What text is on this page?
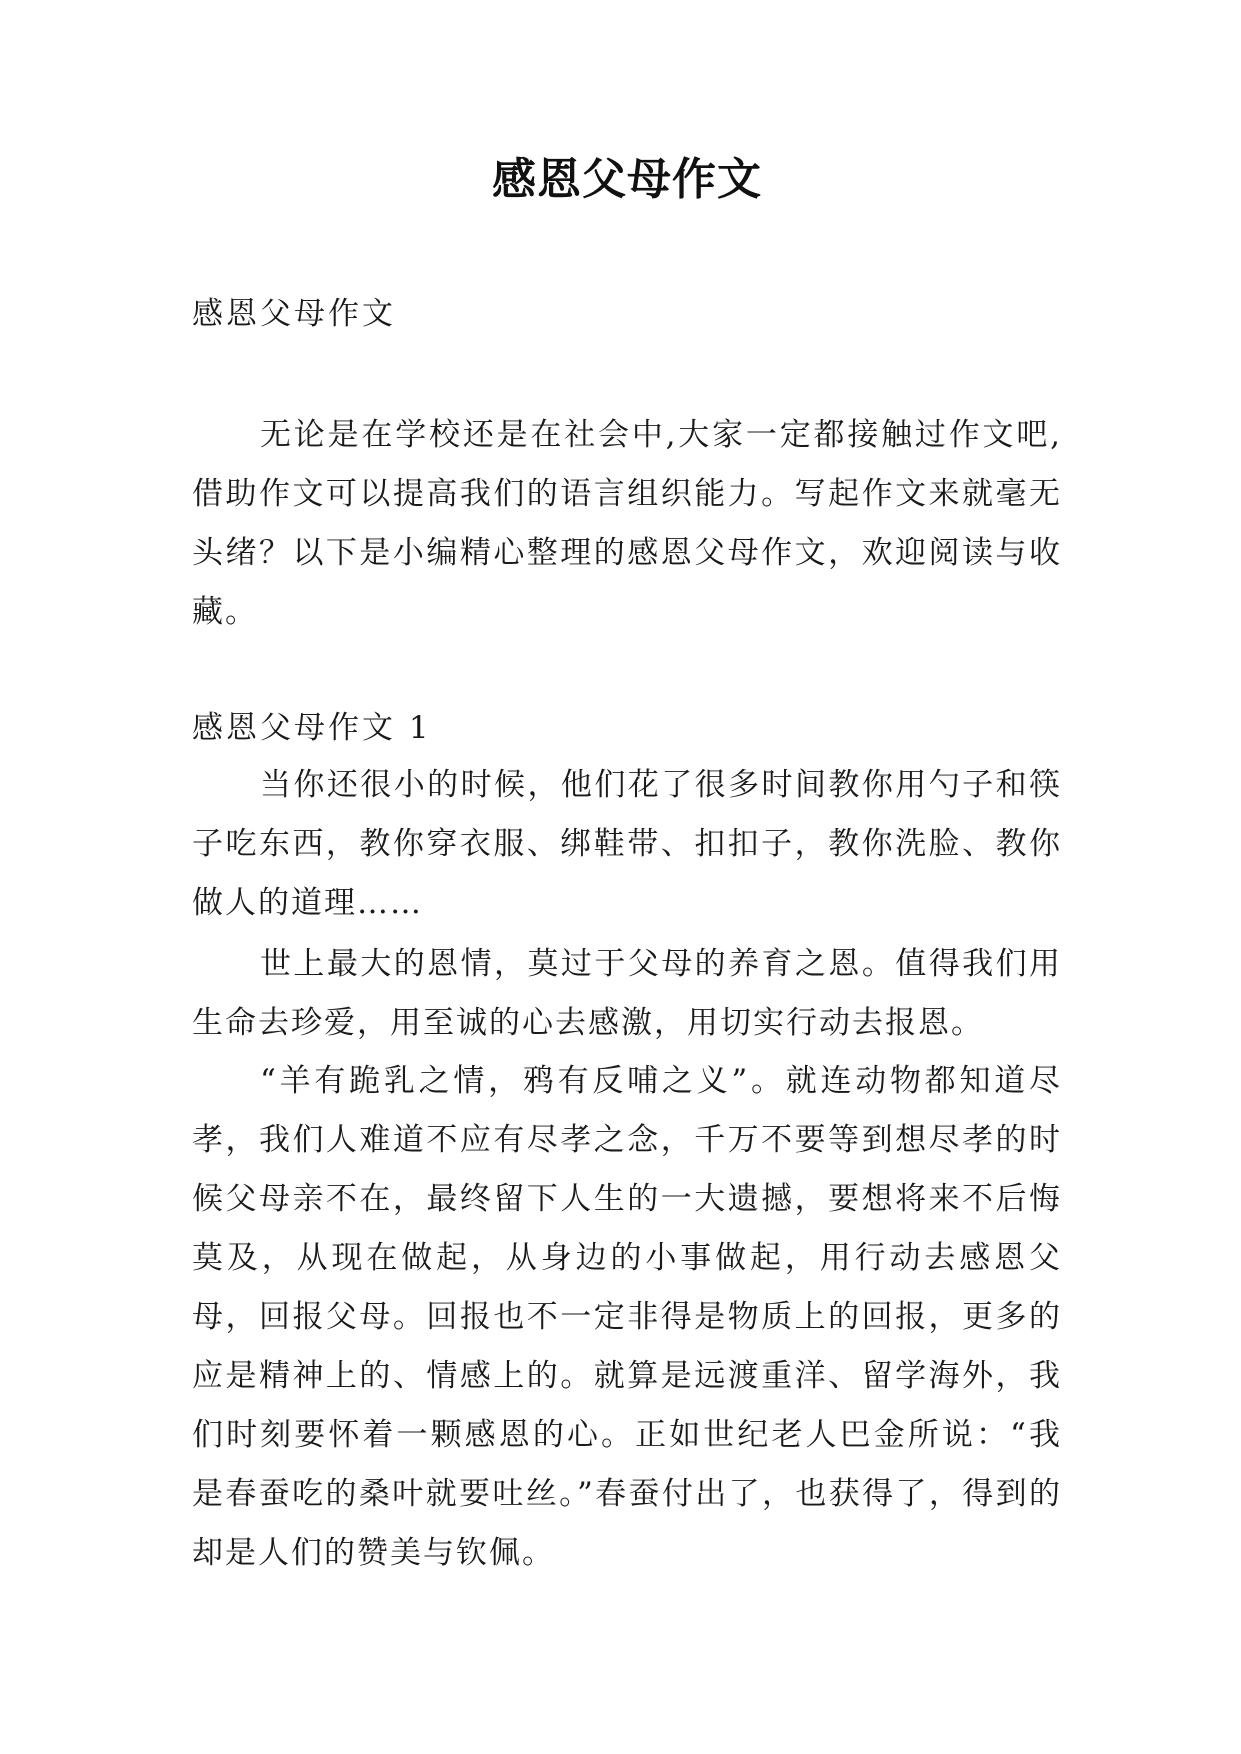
感恩父母作文
感恩父母作文

无论是在学校还是在社会中,大家一定都接触过作文吧,借助作文可以提高我们的语言组织能力。写起作文来就毫无头绪？以下是小编精心整理的感恩父母作文，欢迎阅读与收藏。

感恩父母作文 1

当你还很小的时候，他们花了很多时间教你用勺子和筷子吃东西，教你穿衣服、绑鞋带、扣扣子，教你洗脸、教你做人的道理……

世上最大的恩情，莫过于父母的养育之恩。值得我们用生命去珍爱，用至诚的心去感激，用切实行动去报恩。

“羊有跪乳之情，鸦有反哺之义”。就连动物都知道尽孝，我们人难道不应有尽孝之念，千万不要等到想尽孝的时候父母亲不在，最终留下人生的一大遗撼，要想将来不后悔莫及，从现在做起，从身边的小事做起，用行动去感恩父母，回报父母。回报也不一定非得是物质上的回报，更多的应是精神上的、情感上的。就算是远渡重洋、留学海外，我们时刻要怀着一颗感恩的心。正如世纪老人巴金所说：“我是春蚕吃的桑叶就要吐丝。”春蚕付出了，也获得了，得到的却是人们的赞美与钦佩。
